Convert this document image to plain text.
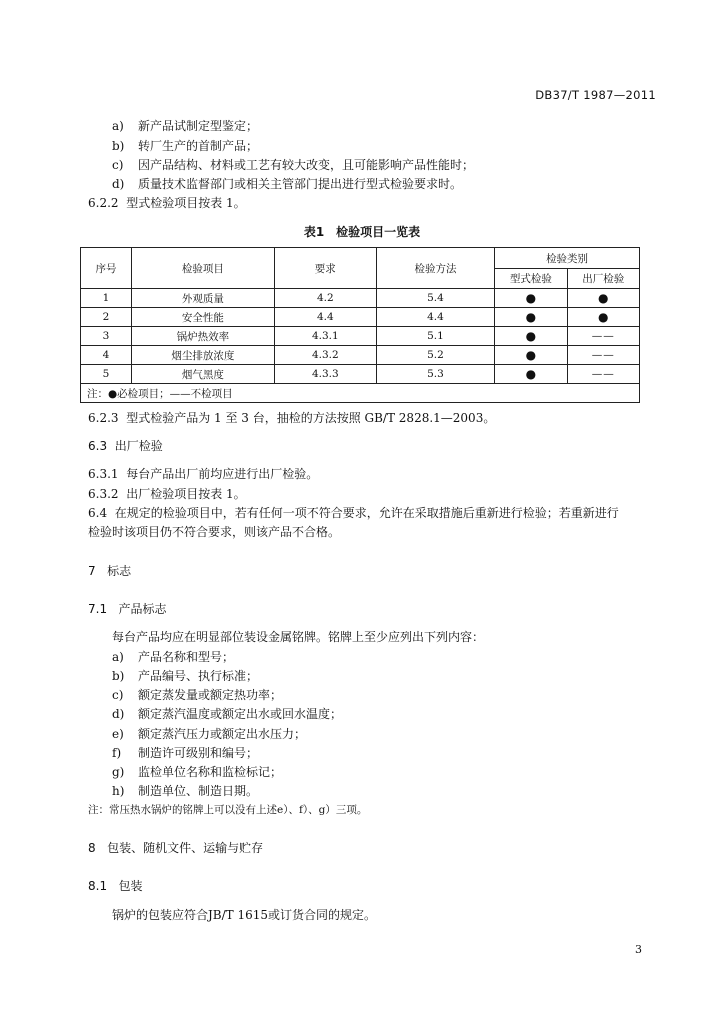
DB37/T 1987—2011
a) 新产品试制定型鉴定；
b) 转厂生产的首制产品；
c) 因产品结构、材料或工艺有较大改变，且可能影响产品性能时；
d) 质量技术监督部门或相关主管部门提出进行型式检验要求时。
6.2.2 型式检验项目按表 1。
表1　检验项目一览表
序号	检验项目	要求	检验方法	检验类别	
				型式检验	出厂检验
1	外观质量	4.2	5.4	●	●
2	安全性能	4.4	4.4	●	●
3	锅炉热效率	4.3.1	5.1	●	——
4	烟尘排放浓度	4.3.2	5.2	●	——
5	烟气黑度	4.3.3	5.3	●	——
注：●必检项目；——不检项目					
6.2.3 型式检验产品为 1 至 3 台，抽检的方法按照 GB/T 2828.1—2003。
6.3 出厂检验
6.3.1 每台产品出厂前均应进行出厂检验。
6.3.2 出厂检验项目按表 1。
6.4 在规定的检验项目中，若有任何一项不符合要求，允许在采取措施后重新进行检验；若重新进行
检验时该项目仍不符合要求，则该产品不合格。
7 标志
7.1 产品标志
每台产品均应在明显部位装设金属铭牌。铭牌上至少应列出下列内容：
a) 产品名称和型号；
b) 产品编号、执行标准；
c) 额定蒸发量或额定热功率；
d) 额定蒸汽温度或额定出水或回水温度；
e) 额定蒸汽压力或额定出水压力；
f) 制造许可级别和编号；
g) 监检单位名称和监检标记；
h) 制造单位、制造日期。
注：常压热水锅炉的铭牌上可以没有上述e）、f）、g）三项。
8 包装、随机文件、运输与贮存
8.1 包装
锅炉的包装应符合JB/T 1615或订货合同的规定。
3
